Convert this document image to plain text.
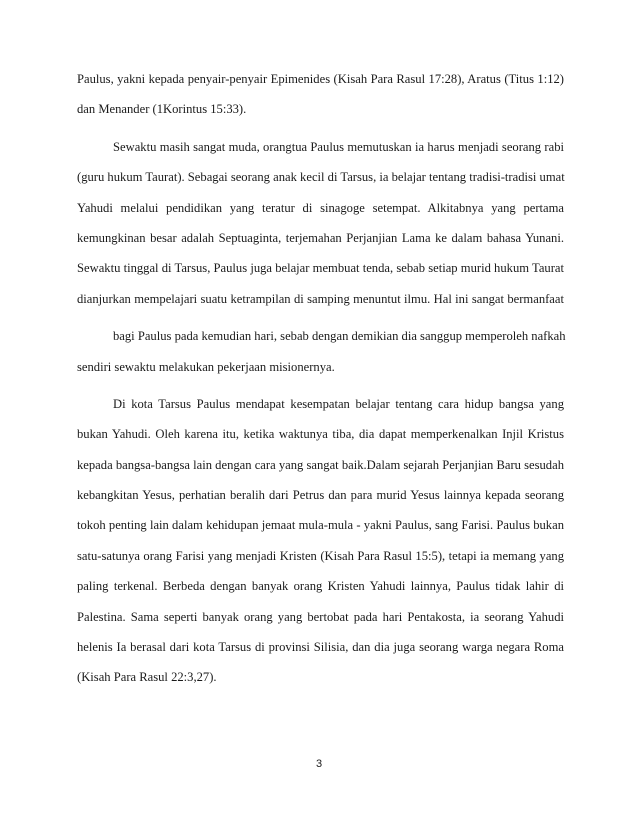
Paulus, yakni kepada penyair-penyair Epimenides (Kisah Para Rasul 17:28), Aratus (Titus 1:12)
dan Menander (1Korintus 15:33).
Sewaktu masih sangat muda, orangtua Paulus memutuskan ia harus menjadi seorang rabi
(guru hukum Taurat). Sebagai seorang anak kecil di Tarsus, ia belajar tentang tradisi-tradisi umat
Yahudi melalui pendidikan yang teratur di sinagoge setempat. Alkitabnya yang pertama
kemungkinan besar adalah Septuaginta, terjemahan Perjanjian Lama ke dalam bahasa Yunani.
Sewaktu tinggal di Tarsus, Paulus juga belajar membuat tenda, sebab setiap murid hukum Taurat
dianjurkan mempelajari suatu ketrampilan di samping menuntut ilmu. Hal ini sangat bermanfaat
bagi Paulus pada kemudian hari, sebab dengan demikian dia sanggup memperoleh nafkah
sendiri sewaktu melakukan pekerjaan misionernya.
Di kota Tarsus Paulus mendapat kesempatan belajar tentang cara hidup bangsa yang
bukan Yahudi. Oleh karena itu, ketika waktunya tiba, dia dapat memperkenalkan Injil Kristus
kepada bangsa-bangsa lain dengan cara yang sangat baik.Dalam sejarah Perjanjian Baru sesudah
kebangkitan Yesus, perhatian beralih dari Petrus dan para murid Yesus lainnya kepada seorang
tokoh penting lain dalam kehidupan jemaat mula-mula - yakni Paulus, sang Farisi. Paulus bukan
satu-satunya orang Farisi yang menjadi Kristen (Kisah Para Rasul 15:5), tetapi ia memang yang
paling terkenal. Berbeda dengan banyak orang Kristen Yahudi lainnya, Paulus tidak lahir di
Palestina. Sama seperti banyak orang yang bertobat pada hari Pentakosta, ia seorang Yahudi
helenis Ia berasal dari kota Tarsus di provinsi Silisia, dan dia juga seorang warga negara Roma
(Kisah Para Rasul 22:3,27).
3
